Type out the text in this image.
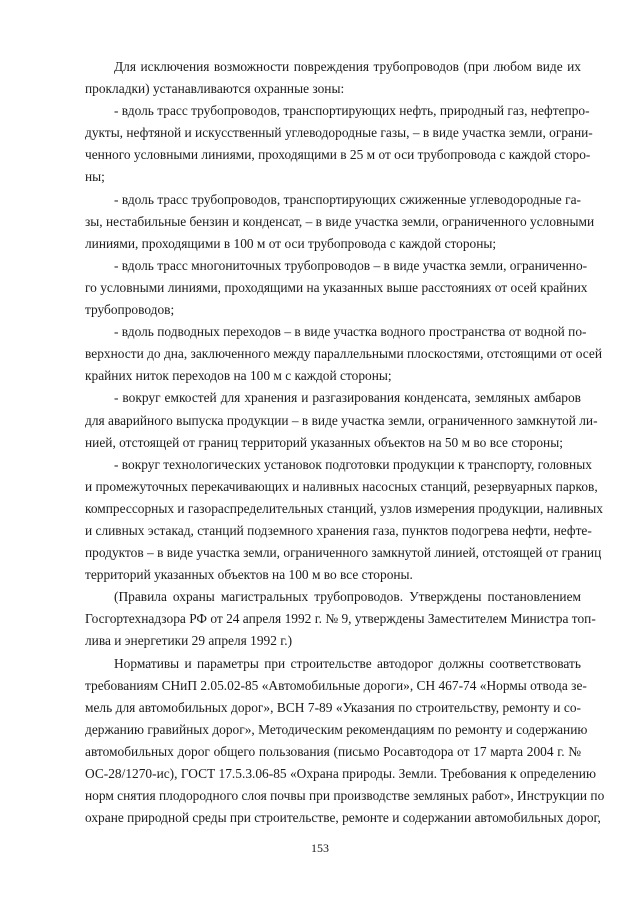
Для исключения возможности повреждения трубопроводов (при любом виде их
прокладки) устанавливаются охранные зоны:
- вдоль трасс трубопроводов, транспортирующих нефть, природный газ, нефтепро-
дукты, нефтяной и искусственный углеводородные газы, – в виде участка земли, ограни-
ченного условными линиями, проходящими в 25 м от оси трубопровода с каждой сторо-
ны;
- вдоль трасс трубопроводов, транспортирующих сжиженные углеводородные га-
зы, нестабильные бензин и конденсат, – в виде участка земли, ограниченного условными
линиями, проходящими в 100 м от оси трубопровода с каждой стороны;
- вдоль трасс многониточных трубопроводов – в виде участка земли, ограниченно-
го условными линиями, проходящими на указанных выше расстояниях от осей крайних
трубопроводов;
- вдоль подводных переходов – в виде участка водного пространства от водной по-
верхности до дна, заключенного между параллельными плоскостями, отстоящими от осей
крайних ниток переходов на 100 м с каждой стороны;
- вокруг емкостей для хранения и разгазирования конденсата, земляных амбаров
для аварийного выпуска продукции – в виде участка земли, ограниченного замкнутой ли-
нией, отстоящей от границ территорий указанных объектов на 50 м во все стороны;
- вокруг технологических установок подготовки продукции к транспорту, головных
и промежуточных перекачивающих и наливных насосных станций, резервуарных парков,
компрессорных и газораспределительных станций, узлов измерения продукции, наливных
и сливных эстакад, станций подземного хранения газа, пунктов подогрева нефти, нефте-
продуктов – в виде участка земли, ограниченного замкнутой линией, отстоящей от границ
территорий указанных объектов на 100 м во все стороны.
(Правила охраны магистральных трубопроводов. Утверждены постановлением
Госгортехнадзора РФ от 24 апреля 1992 г. № 9, утверждены Заместителем Министра топ-
лива и энергетики 29 апреля 1992 г.)
Нормативы и параметры при строительстве автодорог должны соответствовать
требованиям СНиП 2.05.02-85 «Автомобильные дороги», СН 467-74 «Нормы отвода зе-
мель для автомобильных дорог», ВСН 7-89 «Указания по строительству, ремонту и со-
держанию гравийных дорог», Методическим рекомендациям по ремонту и содержанию
автомобильных дорог общего пользования (письмо Росавтодора от 17 марта 2004 г. №
ОС-28/1270-ис), ГОСТ 17.5.3.06-85 «Охрана природы. Земли. Требования к определению
норм снятия плодородного слоя почвы при производстве земляных работ», Инструкции по
охране природной среды при строительстве, ремонте и содержании автомобильных дорог,
153
